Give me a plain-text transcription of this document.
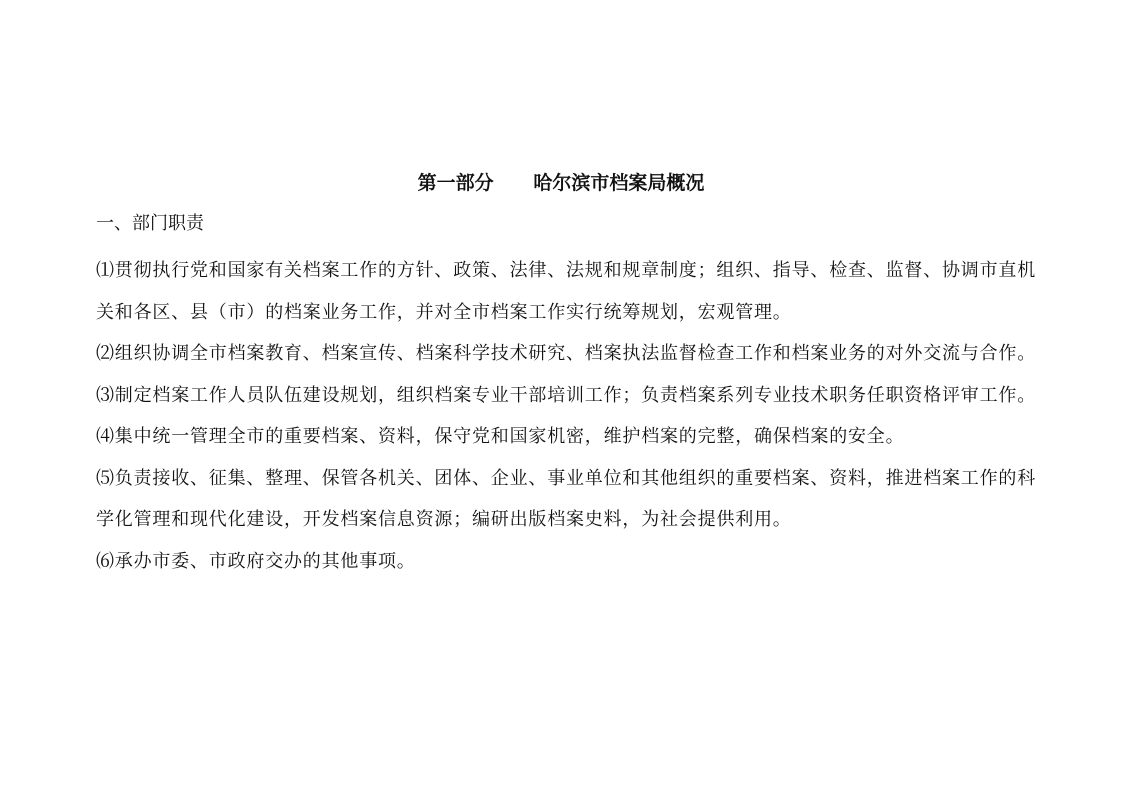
第一部分      哈尔滨市档案局概况
一、部门职责

⑴贯彻执行党和国家有关档案工作的方针、政策、法律、法规和规章制度；组织、指导、检查、监督、协调市直机关和各区、县（市）的档案业务工作，并对全市档案工作实行统筹规划，宏观管理。

⑵组织协调全市档案教育、档案宣传、档案科学技术研究、档案执法监督检查工作和档案业务的对外交流与合作。

⑶制定档案工作人员队伍建设规划，组织档案专业干部培训工作；负责档案系列专业技术职务任职资格评审工作。

⑷集中统一管理全市的重要档案、资料，保守党和国家机密，维护档案的完整，确保档案的安全。

⑸负责接收、征集、整理、保管各机关、团体、企业、事业单位和其他组织的重要档案、资料，推进档案工作的科学化管理和现代化建设，开发档案信息资源；编研出版档案史料，为社会提供利用。

⑹承办市委、市政府交办的其他事项。
